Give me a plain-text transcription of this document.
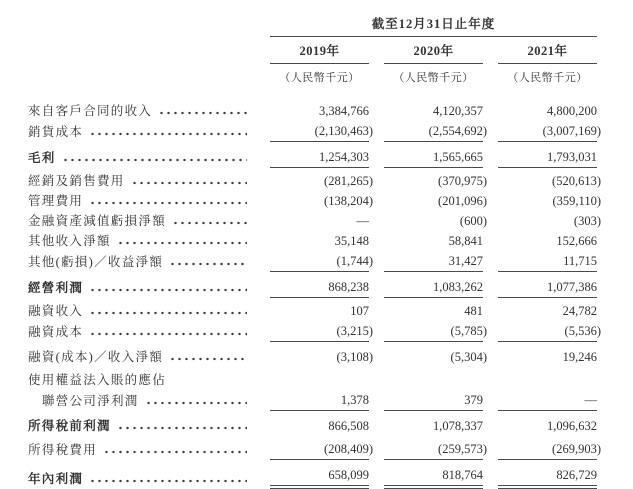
截至12月31日止年度
2019年	2020年	2021年
（人民幣千元）	（人民幣千元）	（人民幣千元）
來自客戶合同的收入	3,384,766	4,120,357	4,800,200
銷貨成本	(2,130,463)	(2,554,692)	(3,007,169)
毛利	1,254,303	1,565,665	1,793,031
經銷及銷售費用	(281,265)	(370,975)	(520,613)
管理費用	(138,204)	(201,096)	(359,110)
金融資產減值虧損淨額	—	(600)	(303)
其他收入淨額	35,148	58,841	152,666
其他(虧損)／收益淨額	(1,744)	31,427	11,715
經營利潤	868,238	1,083,262	1,077,386
融資收入	107	481	24,782
融資成本	(3,215)	(5,785)	(5,536)
融資(成本)／收入淨額	(3,108)	(5,304)	19,246
使用權益法入賬的應佔
聯營公司淨利潤	1,378	379	—
所得稅前利潤	866,508	1,078,337	1,096,632
所得稅費用	(208,409)	(259,573)	(269,903)
年內利潤	658,099	818,764	826,729
